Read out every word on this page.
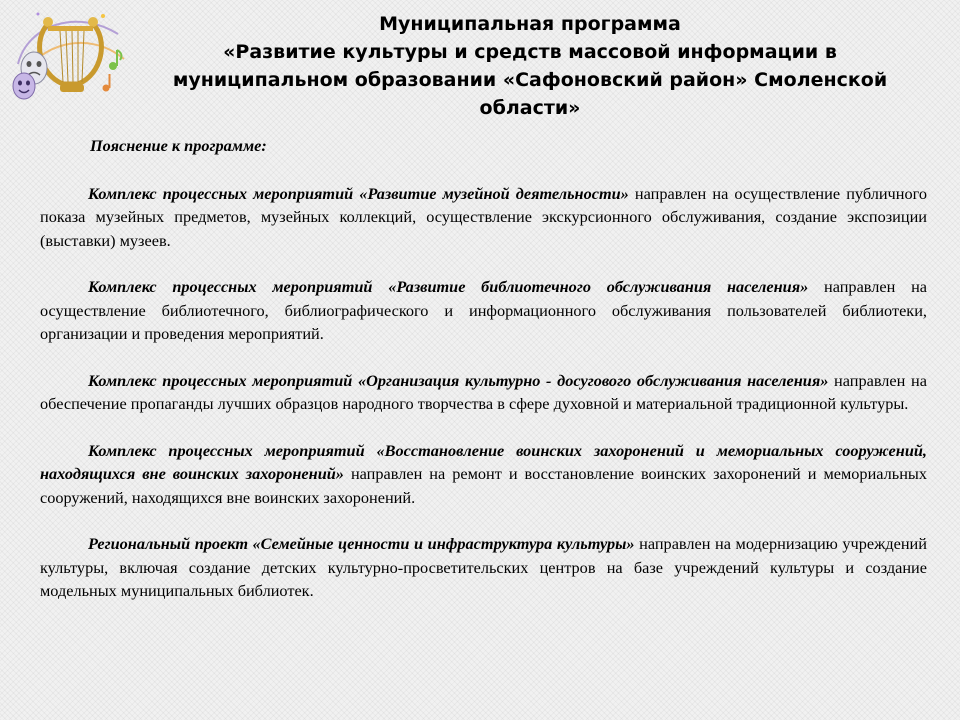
Муниципальная программа
«Развитие культуры и средств массовой информации в
муниципальном образовании «Сафоновский район» Смоленской
области»
Пояснение к программе:

Комплекс процессных мероприятий «Развитие музейной деятельности» направлен на осуществление публичного показа музейных предметов, музейных коллекций, осуществление экскурсионного обслуживания, создание экспозиции (выставки) музеев.

Комплекс процессных мероприятий «Развитие библиотечного обслуживания населения» направлен на осуществление библиотечного, библиографического и информационного обслуживания пользователей библиотеки, организации и проведения мероприятий.

Комплекс процессных мероприятий «Организация культурно - досугового обслуживания населения» направлен на обеспечение пропаганды лучших образцов народного творчества в сфере духовной и материальной традиционной культуры.

Комплекс процессных мероприятий «Восстановление воинских захоронений и мемориальных сооружений, находящихся вне воинских захоронений» направлен на ремонт и восстановление воинских захоронений и мемориальных сооружений, находящихся вне воинских захоронений.

Региональный проект «Семейные ценности и инфраструктура культуры» направлен на модернизацию учреждений культуры, включая создание детских культурно-просветительских центров на базе учреждений культуры и создание модельных муниципальных библиотек.
